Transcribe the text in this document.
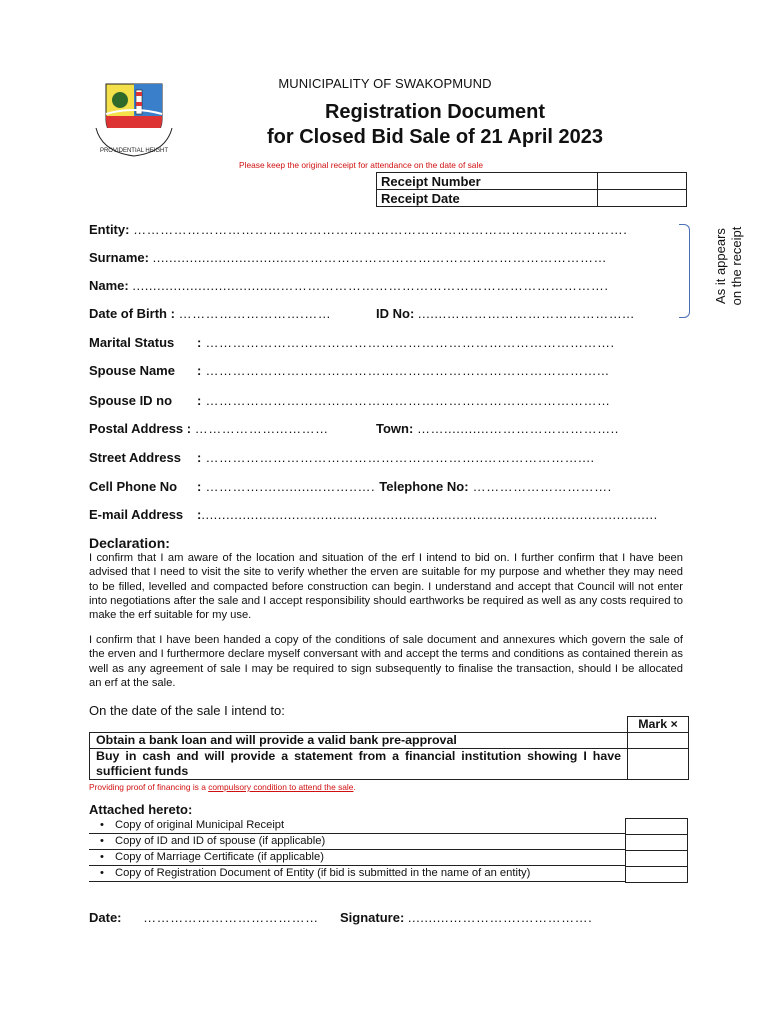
PROVIDENTIAL HEIGHT
MUNICIPALITY OF SWAKOPMUND
Registration Document
for Closed Bid Sale of 21 April 2023
Please keep the original receipt for attendance on the date of sale
Receipt Number	
Receipt Date	
Entity: ……………………………………………………………………………….……………….
Surname: ...................................……………………………………………………………
Name: ....................................……………………………………………………………….
Date of Birth : ……………………….……	ID No: .......…………………………………...
Marital Status : ……………………………………………………………………………….
Spouse Name : ……………………………………………………………………………...
Spouse ID no : ………………………………………………………………………………
Postal Address : ………………...………	Town: ……...........………………………..
Street Address : ……………………………………………………..…………………....
Cell Phone No : ………….…...........……..…. Telephone No: ………………………….
E-mail Address :...............................................................................................................
As it appears on the receipt
Declaration:
I confirm that I am aware of the location and situation of the erf I intend to bid on. I further confirm that I have been advised that I need to visit the site to verify whether the erven are suitable for my purpose and whether they may need to be filled, levelled and compacted before construction can begin. I understand and accept that Council will not enter into negotiations after the sale and I accept responsibility should earthworks be required as well as any costs required to make the erf suitable for my use.
I confirm that I have been handed a copy of the conditions of sale document and annexures which govern the sale of the erven and I furthermore declare myself conversant with and accept the terms and conditions as contained therein as well as any agreement of sale I may be required to sign subsequently to finalise the transaction, should I be allocated an erf at the sale.
On the date of the sale I intend to:
	Mark ×
Obtain a bank loan and will provide a valid bank pre-approval	
Buy in cash and will provide a statement from a financial institution showing I have sufficient funds	
Providing proof of financing is a compulsory condition to attend the sale.
Attached hereto:
• Copy of original Municipal Receipt
• Copy of ID and ID of spouse (if applicable)
• Copy of Marriage Certificate (if applicable)
• Copy of Registration Document of Entity (if bid is submitted in the name of an entity)
Date: ………………………………… Signature: ..........…………….…………….
